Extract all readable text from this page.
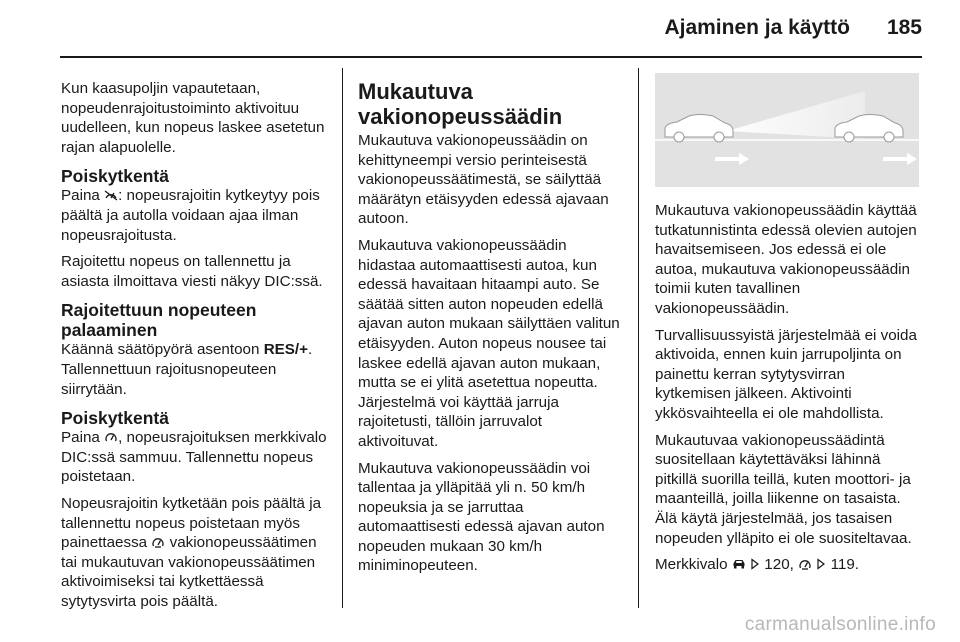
Ajaminen ja käyttö 185

Kun kaasupoljin vapautetaan, nopeudenrajoitustoiminto aktivoituu uudelleen, kun nopeus laskee asetetun rajan alapuolelle.

Poiskytkentä

Paina : nopeusrajoitin kytkeytyy pois päältä ja autolla voidaan ajaa ilman nopeusrajoitusta.

Rajoitettu nopeus on tallennettu ja asiasta ilmoittava viesti näkyy DIC:ssä.

Rajoitettuun nopeuteen palaaminen

Käännä säätöpyörä asentoon RES/+. Tallennettuun rajoitusnopeuteen siirrytään.

Poiskytkentä

Paina , nopeusrajoituksen merkkivalo DIC:ssä sammuu. Tallennettu nopeus poistetaan.

Nopeusrajoitin kytketään pois päältä ja tallennettu nopeus poistetaan myös painettaessa vakionopeussäätimen tai mukautuvan vakionopeussäätimen aktivoimiseksi tai kytkettäessä sytytysvirta pois päältä.

Mukautuva vakionopeussäädin

Mukautuva vakionopeussäädin on kehittyneempi versio perinteisestä vakionopeussäätimestä, se säilyttää määrätyn etäisyyden edessä ajavaan autoon.

Mukautuva vakionopeussäädin hidastaa automaattisesti autoa, kun edessä havaitaan hitaampi auto. Se säätää sitten auton nopeuden edellä ajavan auton mukaan säilyttäen valitun etäisyyden. Auton nopeus nousee tai laskee edellä ajavan auton mukaan, mutta se ei ylitä asetettua nopeutta. Järjestelmä voi käyttää jarruja rajoitetusti, tällöin jarruvalot aktivoituvat.

Mukautuva vakionopeussäädin voi tallentaa ja ylläpitää yli n. 50 km/h nopeuksia ja se jarruttaa automaattisesti edessä ajavan auton nopeuden mukaan 30 km/h miniminopeuteen.

Mukautuva vakionopeussäädin käyttää tutkatunnistinta edessä olevien autojen havaitsemiseen. Jos edessä ei ole autoa, mukautuva vakionopeussäädin toimii kuten tavallinen vakionopeussäädin.

Turvallisuussyistä järjestelmää ei voida aktivoida, ennen kuin jarrupoljinta on painettu kerran sytytysvirran kytkemisen jälkeen. Aktivointi ykkösvaihteella ei ole mahdollista.

Mukautuvaa vakionopeussäädintä suositellaan käytettäväksi lähinnä pitkillä suorilla teillä, kuten moottori- ja maanteillä, joilla liikenne on tasaista. Älä käytä järjestelmää, jos tasaisen nopeuden ylläpito ei ole suositeltavaa.

Merkkivalo 120, 119.

carmanualsonline.info
